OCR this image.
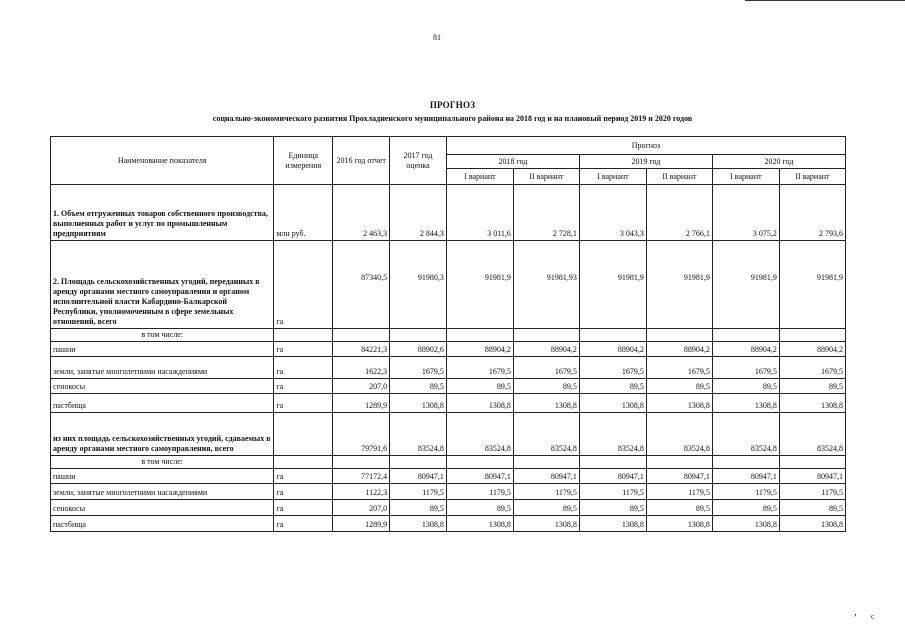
81
ПРОГНОЗ
социально-экономического развития Прохладненского муниципального района на 2018 год и на плановый период 2019 и 2020 годов
Наименование показателя	Единица измерения	2016 год отчет	2017 год оценка	Прогноз					
				2018 год		2019 год		2020 год	
				I вариант	II вариант	I вариант	II вариант	I вариант	II вариант
1. Объем отгруженных товаров собственного производства, выполненных работ и услуг по промышленным предприятиям	млн руб.	2 463,3	2 844,3	3 011,6	2 728,1	3 043,3	2 766,1	3 075,2	2 793,6
2. Площадь сельскохозяйственных угодий, переданных в аренду органами местного самоуправления и органом исполнительной власти Кабардино-Балкарской Республики, уполномоченным в сфере земельных отношений, всего	га	87340,5	91980,3	91981,9	91981,93	91981,9	91981,9	91981,9	91981,9
в том числе:									
пашни	га	84221,3	88902,6	88904,2	88904,2	88904,2	88904,2	88904,2	88904,2
земли, занятые многолетними насаждениями	га	1622,3	1679,5	1679,5	1679,5	1679,5	1679,5	1679,5	1679,5
сенокосы	га	207,0	89,5	89,5	89,5	89,5	89,5	89,5	89,5
пастбища	га	1289,9	1308,8	1308,8	1308,8	1308,8	1308,8	1308,8	1308,8
из них площадь сельскохозяйственных угодий, сдаваемых в аренду органами местного самоуправления, всего		79791,6	83524,8	83524,8	83524,8	83524,8	83524,8	83524,8	83524,8
в том числе:									
пашни	га	77172,4	80947,1	80947,1	80947,1	80947,1	80947,1	80947,1	80947,1
земли, занятые многолетними насаждениями	га	1122,3	1179,5	1179,5	1179,5	1179,5	1179,5	1179,5	1179,5
сенокосы	га	207,0	89,5	89,5	89,5	89,5	89,5	89,5	89,5
пастбища	га	1289,9	1308,8	1308,8	1308,8	1308,8	1308,8	1308,8	1308,8
ʼ ᶜ
